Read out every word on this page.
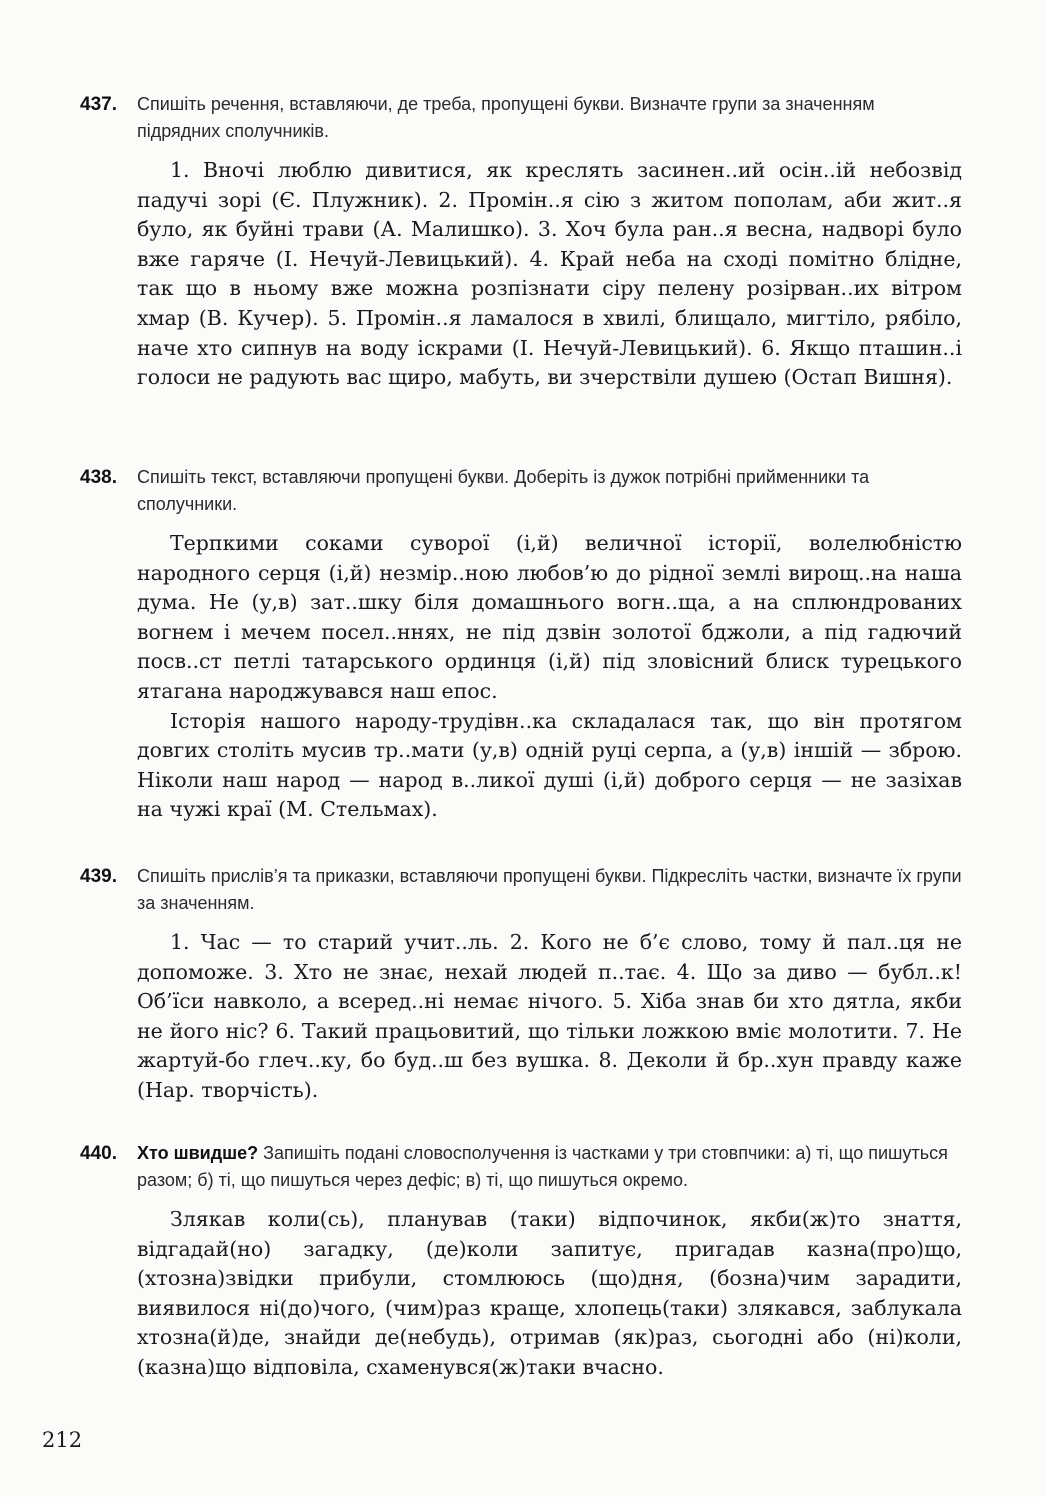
437. Спишіть речення, вставляючи, де треба, пропущені букви. Визначте групи за значенням підрядних сполучників.

1. Вночі люблю дивитися, як креслять засинен..ий осін..ій небозвід падучі зорі (Є. Плужник). 2. Промін..я сію з житом пополам, аби жит..я було, як буйні трави (А. Малишко). 3. Хоч була ран..я весна, надворі було вже гаряче (І. Нечуй-Левицький). 4. Край неба на сході помітно блідне, так що в ньому вже можна розпізнати сіру пелену розірван..их вітром хмар (В. Кучер). 5. Промін..я ламалося в хвилі, блищало, мигтіло, рябіло, наче хто сипнув на воду іскрами (І. Нечуй-Левицький). 6. Якщо пташин..і голоси не радують вас щиро, мабуть, ви зчерствіли душею (Остап Вишня).

438. Спишіть текст, вставляючи пропущені букви. Доберіть із дужок потрібні прийменники та сполучники.

Терпкими соками суворої (і,й) величної історії, волелюбністю народного серця (і,й) незмір..ною любов’ю до рідної землі вирощ..на наша дума. Не (у,в) зат..шку біля домашнього вогн..ща, а на сплюндрованих вогнем і мечем посел..ннях, не під дзвін золотої бджоли, а під гадючий посв..ст петлі татарського ординця (і,й) під зловісний блиск турецького ятагана народжувався наш епос.

Історія нашого народу-трудівн..ка складалася так, що він протягом довгих століть мусив тр..мати (у,в) одній руці серпа, а (у,в) іншій — зброю. Ніколи наш народ — народ в..ликої душі (і,й) доброго серця — не зазіхав на чужі краї (М. Стельмах).

439. Спишіть прислів’я та приказки, вставляючи пропущені букви. Підкресліть частки, визначте їх групи за значенням.

1. Час — то старий учит..ль. 2. Кого не б’є слово, тому й пал..ця не допоможе. 3. Хто не знає, нехай людей п..тає. 4. Що за диво — бубл..к! Об’їси навколо, а всеред..ні немає нічого. 5. Хіба знав би хто дятла, якби не його ніс? 6. Такий працьовитий, що тільки ложкою вміє молотити. 7. Не жартуй-бо глеч..ку, бо буд..ш без вушка. 8. Деколи й бр..хун правду каже (Нар. творчість).

440. Хто швидше? Запишіть подані словосполучення із частками у три стовпчики: а) ті, що пишуться разом; б) ті, що пишуться через дефіс; в) ті, що пишуться окремо.

Злякав коли(сь), планував (таки) відпочинок, якби(ж)то знаття, відгадай(но) загадку, (де)коли запитує, пригадав казна(про)що, (хтозна)звідки прибули, стомлююсь (що)дня, (бозна)чим зарадити, виявилося ні(до)чого, (чим)раз краще, хлопець(таки) злякався, заблукала хтозна(й)де, знайди де(небудь), отримав (як)раз, сьогодні або (ні)коли, (казна)що відповіла, схаменувся(ж)таки вчасно.

212
